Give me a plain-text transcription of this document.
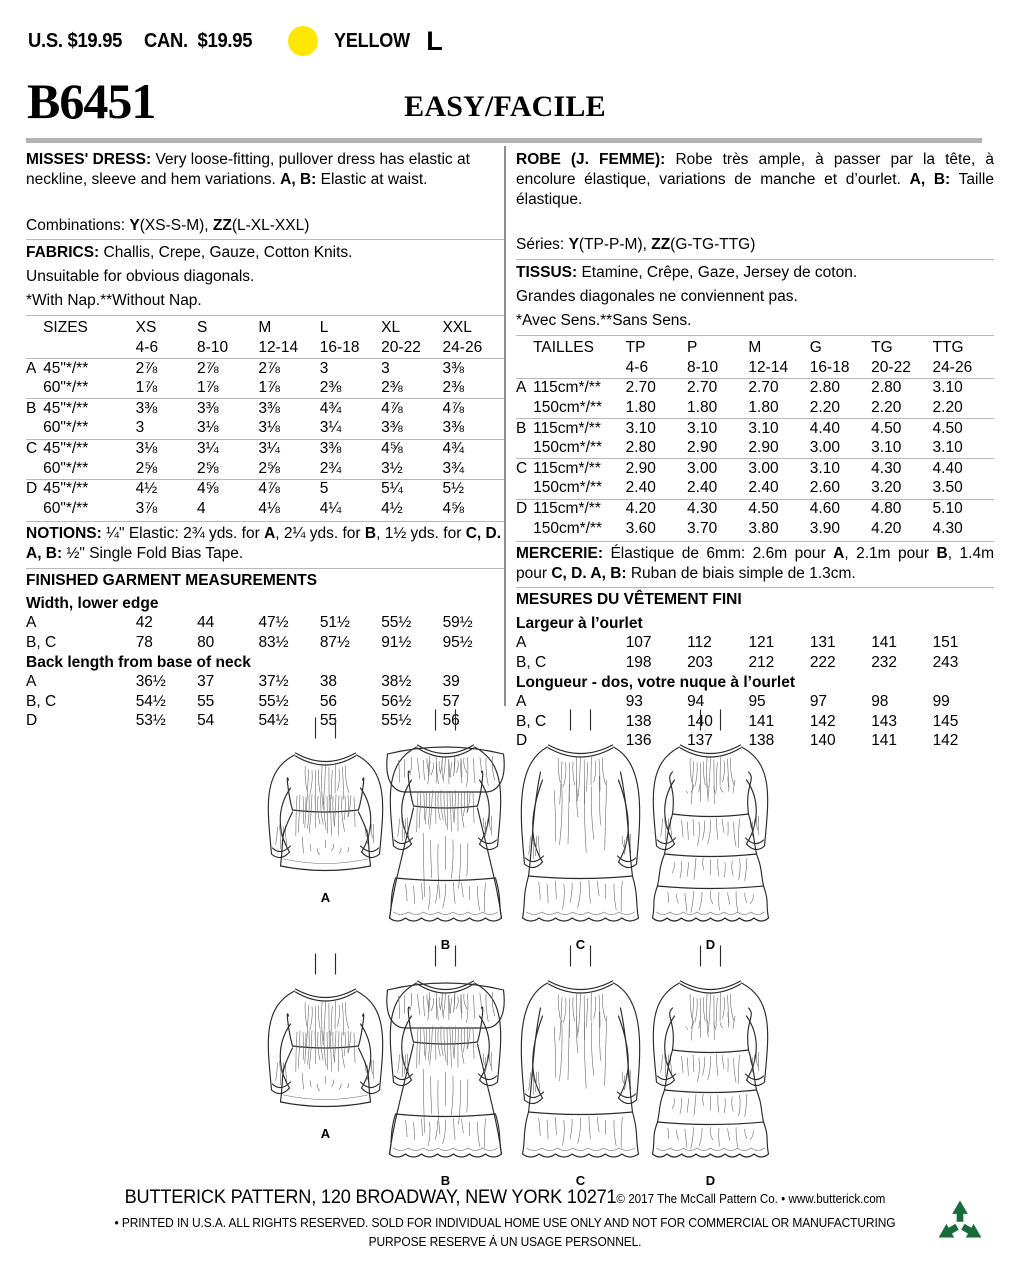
U.S. $19.95 CAN.  $19.95	YELLOW L
B6451	EASY/FACILE

MISSES' DRESS: Very loose-fitting, pullover dress has elastic at neckline, sleeve and hem variations. A, B: Elastic at waist.

Combinations: Y(XS-S-M), ZZ(L-XL-XXL)

FABRICS: Challis, Crepe, Gauze, Cotton Knits.

Unsuitable for obvious diagonals.

*With Nap.**Without Nap.

	SIZES	XS	S	M	L	XL	XXL
		4-6	8-10	12-14	16-18	20-22	24-26
A	45"*/**	2⅞	2⅞	2⅞	3	3	3⅜
	60"*/**	1⅞	1⅞	1⅞	2⅜	2⅜	2⅜
B	45"*/**	3⅜	3⅜	3⅜	4¾	4⅞	4⅞
	60"*/**	3	3⅛	3⅛	3¼	3⅜	3⅜
C	45"*/**	3⅛	3¼	3¼	3⅜	4⅝	4¾
	60"*/**	2⅝	2⅝	2⅝	2¾	3½	3¾
D	45"*/**	4½	4⅝	4⅞	5	5¼	5½
	60"*/**	3⅞	4	4⅛	4¼	4½	4⅝

NOTIONS: ¼" Elastic: 2¾ yds. for A, 2¼ yds. for B, 1½ yds. for C, D. A, B: ½" Single Fold Bias Tape.

FINISHED GARMENT MEASUREMENTS

Width, lower edge						
A	42	44	47½	51½	55½	59½
B, C	78	80	83½	87½	91½	95½
Back length from base of neck						
A	36½	37	37½	38	38½	39
B, C	54½	55	55½	56	56½	57
D	53½	54	54½	55	55½	56

ROBE (J. FEMME): Robe très ample, à passer par la tête, à encolure élastique, variations de manche et d’ourlet. A, B: Taille élastique.

Séries: Y(TP-P-M), ZZ(G-TG-TTG)

TISSUS: Etamine, Crêpe, Gaze, Jersey de coton.

Grandes diagonales ne conviennent pas.

*Avec Sens.**Sans Sens.

	TAILLES	TP	P	M	G	TG	TTG
		4-6	8-10	12-14	16-18	20-22	24-26
A	115cm*/**	2.70	2.70	2.70	2.80	2.80	3.10
	150cm*/**	1.80	1.80	1.80	2.20	2.20	2.20
B	115cm*/**	3.10	3.10	3.10	4.40	4.50	4.50
	150cm*/**	2.80	2.90	2.90	3.00	3.10	3.10
C	115cm*/**	2.90	3.00	3.00	3.10	4.30	4.40
	150cm*/**	2.40	2.40	2.40	2.60	3.20	3.50
D	115cm*/**	4.20	4.30	4.50	4.60	4.80	5.10
	150cm*/**	3.60	3.70	3.80	3.90	4.20	4.30

MERCERIE: Élastique de 6mm: 2.6m pour A, 2.1m pour B, 1.4m pour C, D. A, B: Ruban de biais simple de 1.3cm.

MESURES DU VÊTEMENT FINI

Largeur à l’ourlet						
A	107	112	121	131	141	151
B, C	198	203	212	222	232	243
Longueur - dos, votre nuque à l’ourlet						
A	93	94	95	97	98	99
B, C	138	140	141	142	143	145
D	136	137	138	140	141	142
A
B	C	D
A
B	C	D
BUTTERICK PATTERN, 120 BROADWAY, NEW YORK 10271© 2017 The McCall Pattern Co. • www.butterick.com
• PRINTED IN U.S.A. ALL RIGHTS RESERVED. SOLD FOR INDIVIDUAL HOME USE ONLY AND NOT FOR COMMERCIAL OR MANUFACTURING
PURPOSE RESERVE Á UN USAGE PERSONNEL.
